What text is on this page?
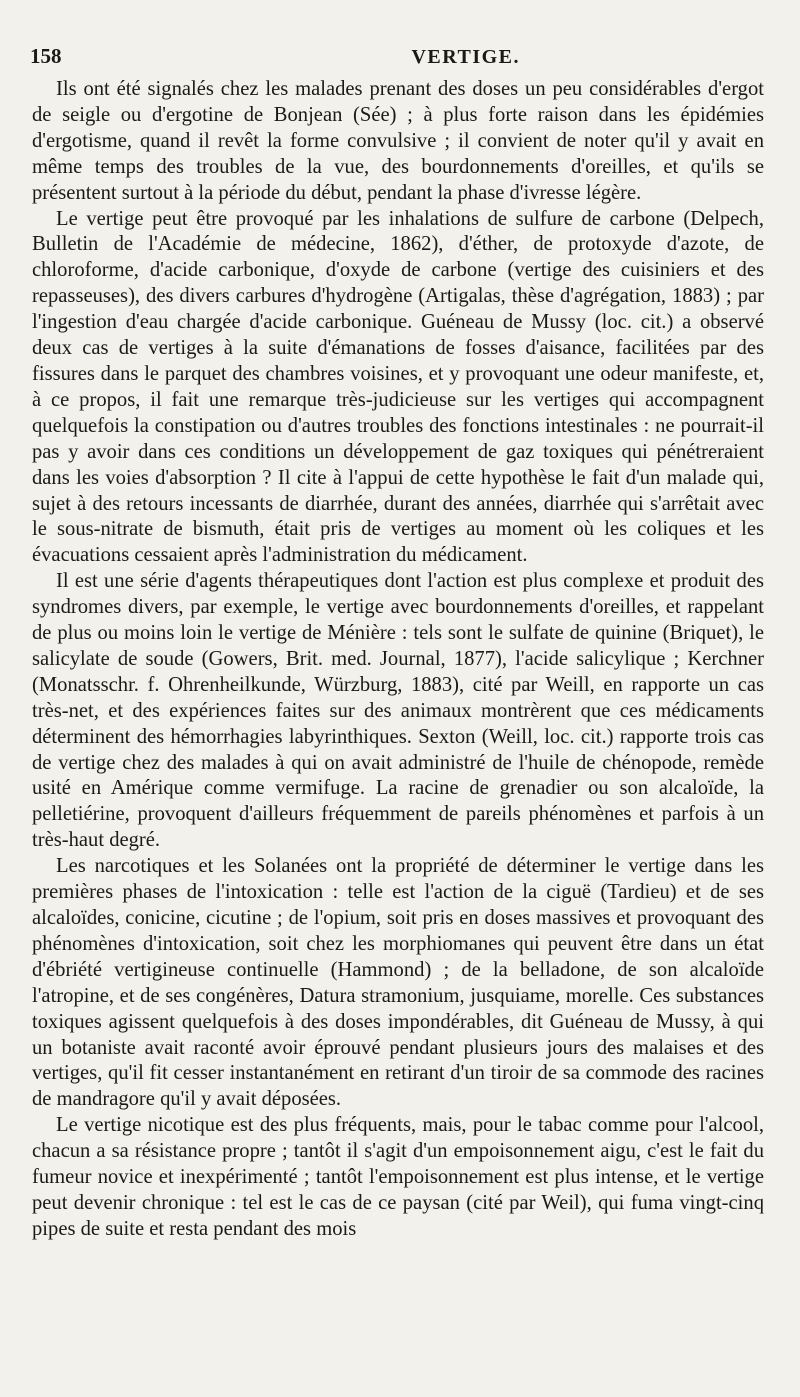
158	VERTIGE.

Ils ont été signalés chez les malades prenant des doses un peu considérables d'ergot de seigle ou d'ergotine de Bonjean (Sée) ; à plus forte raison dans les épidémies d'ergotisme, quand il revêt la forme convulsive ; il convient de noter qu'il y avait en même temps des troubles de la vue, des bourdonnements d'oreilles, et qu'ils se présentent surtout à la période du début, pendant la phase d'ivresse légère.

Le vertige peut être provoqué par les inhalations de sulfure de carbone (Delpech, Bulletin de l'Académie de médecine, 1862), d'éther, de protoxyde d'azote, de chloroforme, d'acide carbonique, d'oxyde de carbone (vertige des cuisiniers et des repasseuses), des divers carbures d'hydrogène (Artigalas, thèse d'agrégation, 1883) ; par l'ingestion d'eau chargée d'acide carbonique. Guéneau de Mussy (loc. cit.) a observé deux cas de vertiges à la suite d'émanations de fosses d'aisance, facilitées par des fissures dans le parquet des chambres voisines, et y provoquant une odeur manifeste, et, à ce propos, il fait une remarque très-judicieuse sur les vertiges qui accompagnent quelquefois la constipation ou d'autres troubles des fonctions intestinales : ne pourrait-il pas y avoir dans ces conditions un développement de gaz toxiques qui pénétreraient dans les voies d'absorption ? Il cite à l'appui de cette hypothèse le fait d'un malade qui, sujet à des retours incessants de diarrhée, durant des années, diarrhée qui s'arrêtait avec le sous-nitrate de bismuth, était pris de vertiges au moment où les coliques et les évacuations cessaient après l'administration du médicament.

Il est une série d'agents thérapeutiques dont l'action est plus complexe et produit des syndromes divers, par exemple, le vertige avec bourdonnements d'oreilles, et rappelant de plus ou moins loin le vertige de Ménière : tels sont le sulfate de quinine (Briquet), le salicylate de soude (Gowers, Brit. med. Journal, 1877), l'acide salicylique ; Kerchner (Monatsschr. f. Ohrenheilkunde, Würzburg, 1883), cité par Weill, en rapporte un cas très-net, et des expériences faites sur des animaux montrèrent que ces médicaments déterminent des hémorrhagies labyrinthiques. Sexton (Weill, loc. cit.) rapporte trois cas de vertige chez des malades à qui on avait administré de l'huile de chénopode, remède usité en Amérique comme vermifuge. La racine de grenadier ou son alcaloïde, la pelletiérine, provoquent d'ailleurs fréquemment de pareils phénomènes et parfois à un très-haut degré.

Les narcotiques et les Solanées ont la propriété de déterminer le vertige dans les premières phases de l'intoxication : telle est l'action de la ciguë (Tardieu) et de ses alcaloïdes, conicine, cicutine ; de l'opium, soit pris en doses massives et provoquant des phénomènes d'intoxication, soit chez les morphiomanes qui peuvent être dans un état d'ébriété vertigineuse continuelle (Hammond) ; de la belladone, de son alcaloïde l'atropine, et de ses congénères, Datura stramonium, jusquiame, morelle. Ces substances toxiques agissent quelquefois à des doses impondérables, dit Guéneau de Mussy, à qui un botaniste avait raconté avoir éprouvé pendant plusieurs jours des malaises et des vertiges, qu'il fit cesser instantanément en retirant d'un tiroir de sa commode des racines de mandragore qu'il y avait déposées.

Le vertige nicotique est des plus fréquents, mais, pour le tabac comme pour l'alcool, chacun a sa résistance propre ; tantôt il s'agit d'un empoisonnement aigu, c'est le fait du fumeur novice et inexpérimenté ; tantôt l'empoisonnement est plus intense, et le vertige peut devenir chronique : tel est le cas de ce paysan (cité par Weil), qui fuma vingt-cinq pipes de suite et resta pendant des mois
